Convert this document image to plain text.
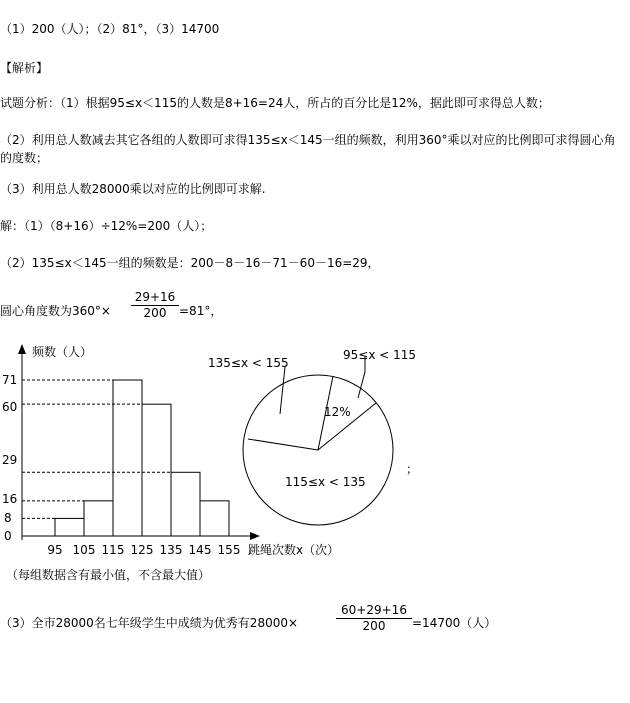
（1）200（人）；（2）81°，（3）14700
【解析】
试题分析：（1）根据95≤x＜115的人数是8+16=24人，所占的百分比是12%，据此即可求得总人数；
（2）利用总人数减去其它各组的人数即可求得135≤x＜145一组的频数，利用360°乘以对应的比例即可求得圆心角的度数；
（3）利用总人数28000乘以对应的比例即可求解.
解：（1）（8+16）÷12%=200（人）；
（2）135≤x＜145一组的频数是：200－8－16－71－60－16=29，
圆心角度数为$360^\circ\times \frac{29+16}{200} =81^\circ$，
频数（人）
跳绳次数x（次）
71
60
29
16
8
0
95 105 115 125 135 145 155
（每组数据含有最小值，不含最大值）
135≤x < 155
95≤x < 115
12%
115≤x < 135
；
（3）全市28000名七年级学生中成绩为优秀有28000×	$\frac{60+29+16}{200} =14700$（人）
